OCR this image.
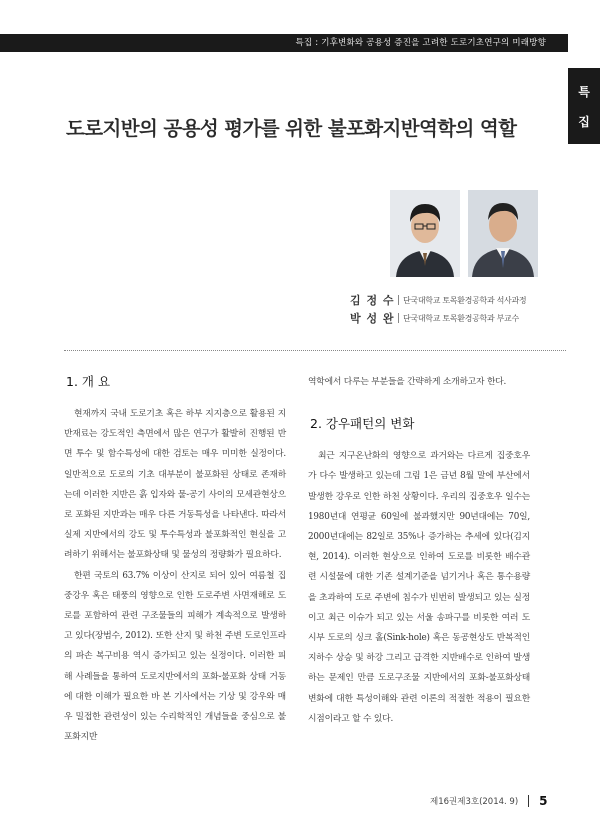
특집 : 기후변화와 공용성 증진을 고려한 도로기초연구의 미래방향
특
집
도로지반의 공용성 평가를 위한 불포화지반역학의 역할
김 정 수 단국대학교 토목환경공학과 석사과정
박 성 완 단국대학교 토목환경공학과 부교수
1. 개 요

현재까지 국내 도로기초 혹은 하부 지지층으로 활용된 지반재료는 강도적인 측면에서 많은 연구가 활발히 진행된 반면 투수 및 함수특성에 대한 검토는 매우 미미한 실정이다. 일반적으로 도로의 기초 대부분이 불포화된 상태로 존재하는데 이러한 지반은 흙 입자와 물-공기 사이의 모세관현상으로 포화된 지반과는 매우 다른 거동특성을 나타낸다. 따라서 실제 지반에서의 강도 및 투수특성과 불포화적인 현실을 고려하기 위해서는 불포화상태 및 물성의 정량화가 필요하다.

한편 국토의 63.7% 이상이 산지로 되어 있어 여름철 집중강우 혹은 태풍의 영향으로 인한 도로주변 사면재해로 도로를 포함하여 관련 구조물들의 피해가 계속적으로 발생하고 있다(장범수, 2012). 또한 산지 및 하천 주변 도로인프라의 파손 복구비용 역시 증가되고 있는 실정이다. 이러한 피해 사례들을 통하여 도로지반에서의 포화-불포화 상태 거동에 대한 이해가 필요한 바 본 기사에서는 기상 및 강우와 매우 밀접한 관련성이 있는 수리학적인 개념들을 중심으로 불포화지반

역학에서 다루는 부분들을 간략하게 소개하고자 한다.

2. 강우패턴의 변화

최근 지구온난화의 영향으로 과거와는 다르게 집중호우가 다수 발생하고 있는데 그림 1은 금년 8월 말에 부산에서 발생한 강우로 인한 하천 상황이다. 우리의 집중호우 일수는 1980년대 연평균 60일에 불과했지만 90년대에는 70일, 2000년대에는 82일로 35%나 증가하는 추세에 있다(김지현, 2014). 이러한 현상으로 인하여 도로를 비롯한 배수관련 시설물에 대한 기존 설계기준을 넘기거나 혹은 통수용량을 초과하여 도로 주변에 침수가 빈번히 발생되고 있는 실정이고 최근 이슈가 되고 있는 서울 송파구를 비롯한 여러 도시부 도로의 싱크 홀(Sink-hole) 혹은 동공현상도 반복적인 지하수 상승 및 하강 그리고 급격한 지반배수로 인하여 발생하는 문제인 만큼 도로구조물 지반에서의 포화-불포화상태 변화에 대한 특성이해와 관련 이론의 적절한 적용이 필요한 시점이라고 할 수 있다.

제16권제3호(2014. 9) 5
